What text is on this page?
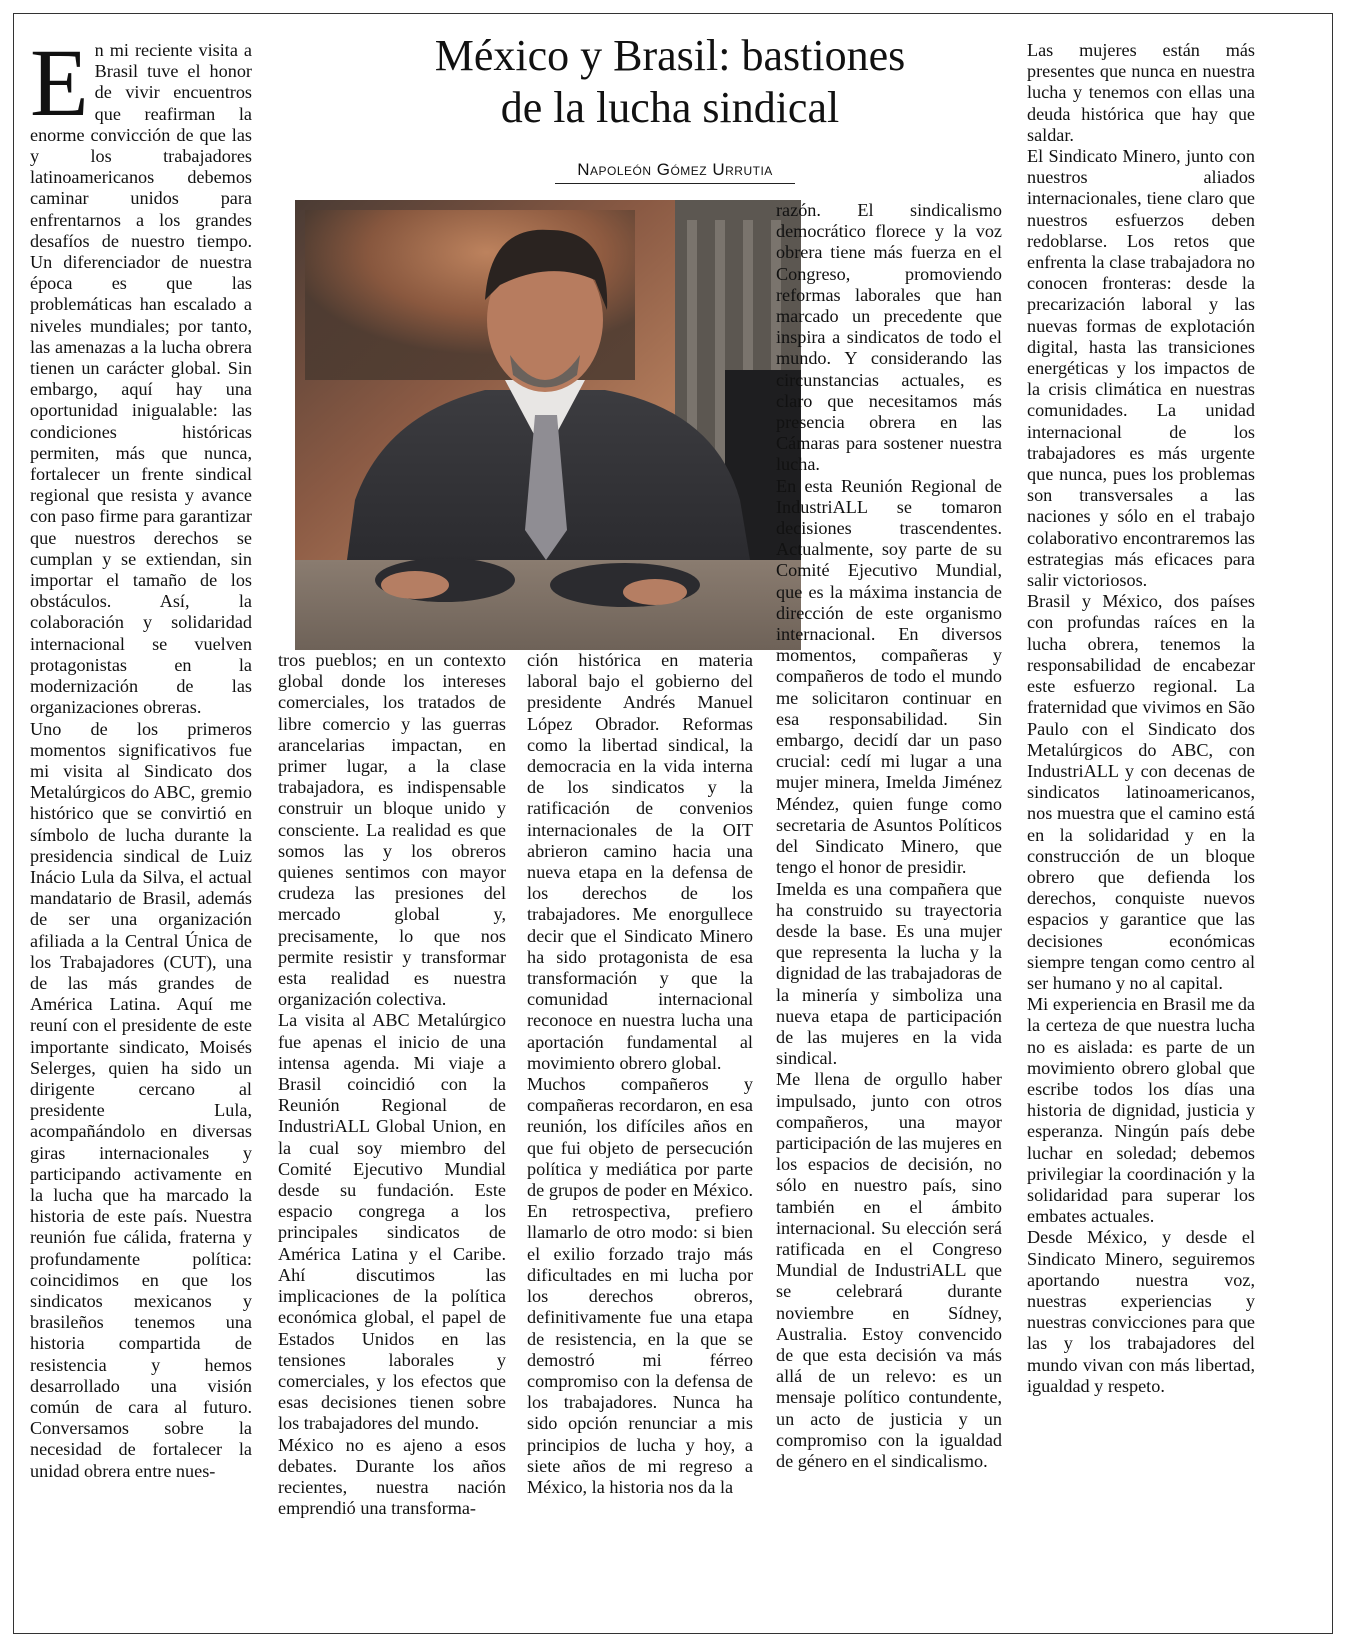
México y Brasil: bastiones
de la lucha sindical
Napoleón Gómez Urrutia

En mi reciente visita a Brasil tuve el honor de vivir encuentros que reafirman la enorme convicción de que las y los trabajadores latinoamericanos debemos caminar unidos para enfrentarnos a los grandes desafíos de nuestro tiempo. Un diferenciador de nuestra época es que las problemáticas han escalado a niveles mundiales; por tanto, las amenazas a la lucha obrera tienen un carácter global. Sin embargo, aquí hay una oportunidad inigualable: las condiciones históricas permiten, más que nunca, fortalecer un frente sindical regional que resista y avance con paso firme para garantizar que nuestros derechos se cumplan y se extiendan, sin importar el tamaño de los obstáculos. Así, la colaboración y solidaridad internacional se vuelven protagonistas en la modernización de las organizaciones obreras.

Uno de los primeros momentos significativos fue mi visita al Sindicato dos Metalúrgicos do ABC, gremio histórico que se convirtió en símbolo de lucha durante la presidencia sindical de Luiz Inácio Lula da Silva, el actual mandatario de Brasil, además de ser una organización afiliada a la Central Única de los Trabajadores (CUT), una de las más grandes de América Latina. Aquí me reuní con el presidente de este importante sindicato, Moisés Selerges, quien ha sido un dirigente cercano al presidente Lula, acompañándolo en diversas giras internacionales y participando activamente en la lucha que ha marcado la historia de este país. Nuestra reunión fue cálida, fraterna y profundamente política: coincidimos en que los sindicatos mexicanos y brasileños tenemos una historia compartida de resistencia y hemos desarrollado una visión común de cara al futuro. Conversamos sobre la necesidad de fortalecer la unidad obrera entre nues-

tros pueblos; en un contexto global donde los intereses comerciales, los tratados de libre comercio y las guerras arancelarias impactan, en primer lugar, a la clase trabajadora, es indispensable construir un bloque unido y consciente. La realidad es que somos las y los obreros quienes sentimos con mayor crudeza las presiones del mercado global y, precisamente, lo que nos permite resistir y transformar esta realidad es nuestra organización colectiva.

La visita al ABC Metalúrgico fue apenas el inicio de una intensa agenda. Mi viaje a Brasil coincidió con la Reunión Regional de IndustriALL Global Union, en la cual soy miembro del Comité Ejecutivo Mundial desde su fundación. Este espacio congrega a los principales sindicatos de América Latina y el Caribe. Ahí discutimos las implicaciones de la política económica global, el papel de Estados Unidos en las tensiones laborales y comerciales, y los efectos que esas decisiones tienen sobre los trabajadores del mundo.

México no es ajeno a esos debates. Durante los años recientes, nuestra nación emprendió una transforma-

ción histórica en materia laboral bajo el gobierno del presidente Andrés Manuel López Obrador. Reformas como la libertad sindical, la democracia en la vida interna de los sindicatos y la ratificación de convenios internacionales de la OIT abrieron camino hacia una nueva etapa en la defensa de los derechos de los trabajadores. Me enorgullece decir que el Sindicato Minero ha sido protagonista de esa transformación y que la comunidad internacional reconoce en nuestra lucha una aportación fundamental al movimiento obrero global.

Muchos compañeros y compañeras recordaron, en esa reunión, los difíciles años en que fui objeto de persecución política y mediática por parte de grupos de poder en México. En retrospectiva, prefiero llamarlo de otro modo: si bien el exilio forzado trajo más dificultades en mi lucha por los derechos obreros, definitivamente fue una etapa de resistencia, en la que se demostró mi férreo compromiso con la defensa de los trabajadores. Nunca ha sido opción renunciar a mis principios de lucha y hoy, a siete años de mi regreso a México, la historia nos da la

razón. El sindicalismo democrático florece y la voz obrera tiene más fuerza en el Congreso, promoviendo reformas laborales que han marcado un precedente que inspira a sindicatos de todo el mundo. Y considerando las circunstancias actuales, es claro que necesitamos más presencia obrera en las Cámaras para sostener nuestra lucha.

En esta Reunión Regional de IndustriALL se tomaron decisiones trascendentes. Actualmente, soy parte de su Comité Ejecutivo Mundial, que es la máxima instancia de dirección de este organismo internacional. En diversos momentos, compañeras y compañeros de todo el mundo me solicitaron continuar en esa responsabilidad. Sin embargo, decidí dar un paso crucial: cedí mi lugar a una mujer minera, Imelda Jiménez Méndez, quien funge como secretaria de Asuntos Políticos del Sindicato Minero, que tengo el honor de presidir.

Imelda es una compañera que ha construido su trayectoria desde la base. Es una mujer que representa la lucha y la dignidad de las trabajadoras de la minería y simboliza una nueva etapa de participación de las mujeres en la vida sindical.

Me llena de orgullo haber impulsado, junto con otros compañeros, una mayor participación de las mujeres en los espacios de decisión, no sólo en nuestro país, sino también en el ámbito internacional. Su elección será ratificada en el Congreso Mundial de IndustriALL que se celebrará durante noviembre en Sídney, Australia. Estoy convencido de que esta decisión va más allá de un relevo: es un mensaje político contundente, un acto de justicia y un compromiso con la igualdad de género en el sindicalismo.

Las mujeres están más presentes que nunca en nuestra lucha y tenemos con ellas una deuda histórica que hay que saldar.

El Sindicato Minero, junto con nuestros aliados internacionales, tiene claro que nuestros esfuerzos deben redoblarse. Los retos que enfrenta la clase trabajadora no conocen fronteras: desde la precarización laboral y las nuevas formas de explotación digital, hasta las transiciones energéticas y los impactos de la crisis climática en nuestras comunidades. La unidad internacional de los trabajadores es más urgente que nunca, pues los problemas son transversales a las naciones y sólo en el trabajo colaborativo encontraremos las estrategias más eficaces para salir victoriosos.

Brasil y México, dos países con profundas raíces en la lucha obrera, tenemos la responsabilidad de encabezar este esfuerzo regional. La fraternidad que vivimos en São Paulo con el Sindicato dos Metalúrgicos do ABC, con IndustriALL y con decenas de sindicatos latinoamericanos, nos muestra que el camino está en la solidaridad y en la construcción de un bloque obrero que defienda los derechos, conquiste nuevos espacios y garantice que las decisiones económicas siempre tengan como centro al ser humano y no al capital.

Mi experiencia en Brasil me da la certeza de que nuestra lucha no es aislada: es parte de un movimiento obrero global que escribe todos los días una historia de dignidad, justicia y esperanza. Ningún país debe luchar en soledad; debemos privilegiar la coordinación y la solidaridad para superar los embates actuales.

Desde México, y desde el Sindicato Minero, seguiremos aportando nuestra voz, nuestras experiencias y nuestras convicciones para que las y los trabajadores del mundo vivan con más libertad, igualdad y respeto.
